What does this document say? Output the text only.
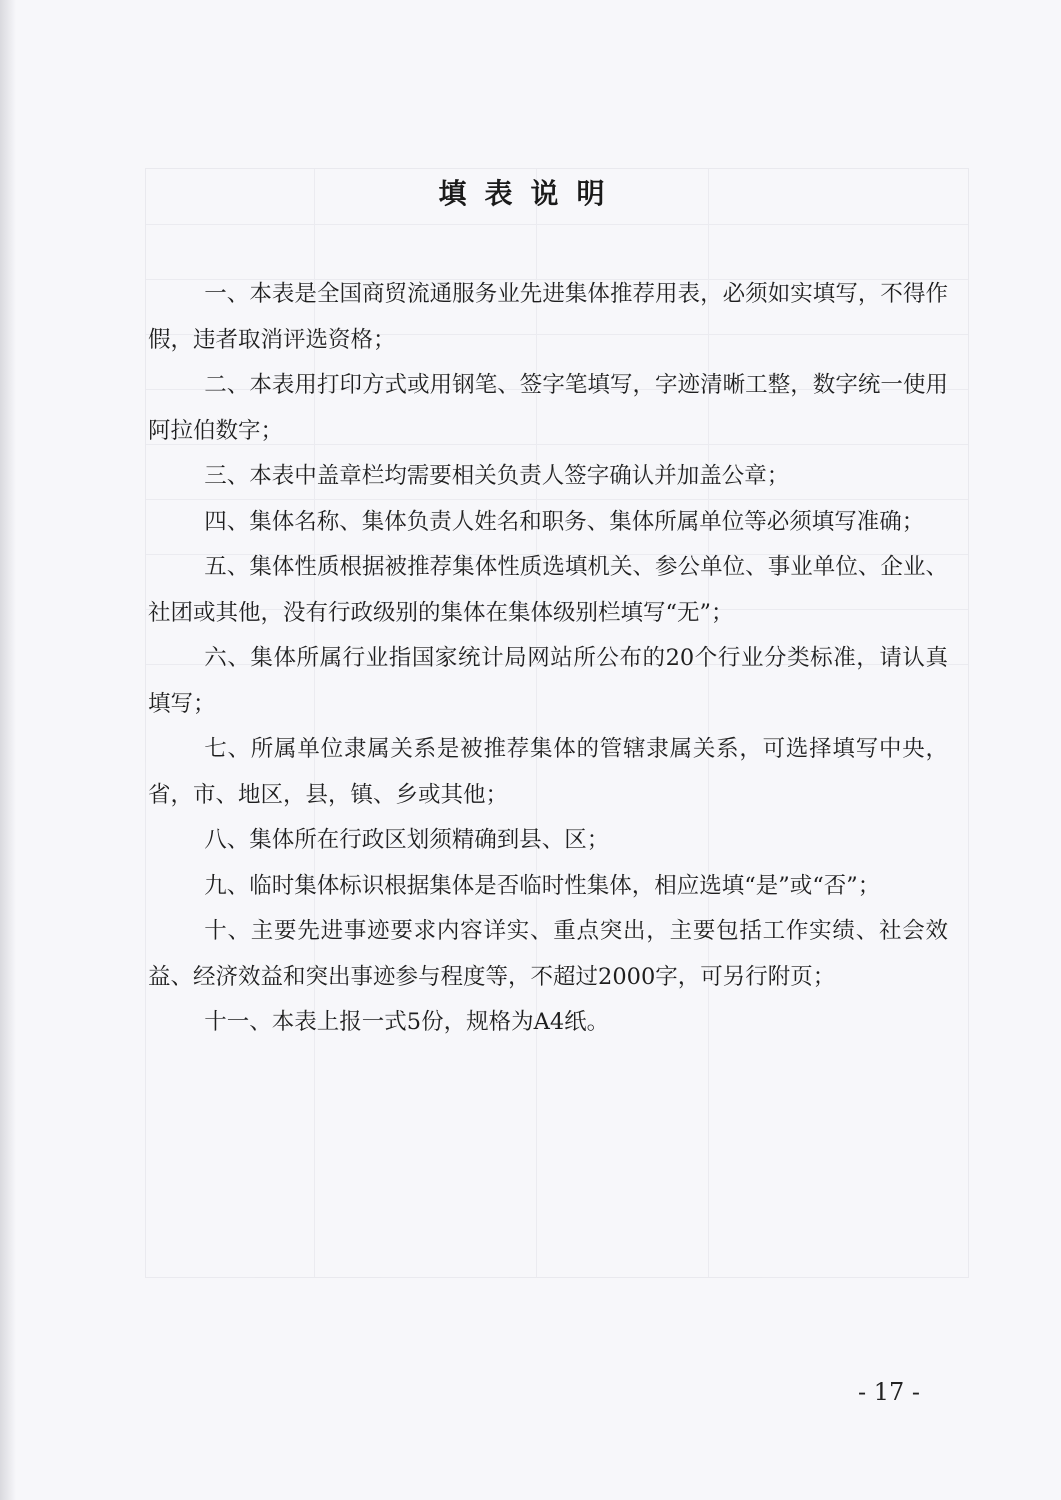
填表说明

一、本表是全国商贸流通服务业先进集体推荐用表，必须如实填写，不得作假，违者取消评选资格；

二、本表用打印方式或用钢笔、签字笔填写，字迹清晰工整，数字统一使用阿拉伯数字；

三、本表中盖章栏均需要相关负责人签字确认并加盖公章；

四、集体名称、集体负责人姓名和职务、集体所属单位等必须填写准确；

五、集体性质根据被推荐集体性质选填机关、参公单位、事业单位、企业、社团或其他，没有行政级别的集体在集体级别栏填写“无”；

六、集体所属行业指国家统计局网站所公布的20个行业分类标准，请认真填写；

七、所属单位隶属关系是被推荐集体的管辖隶属关系，可选择填写中央，省，市、地区，县，镇、乡或其他；

八、集体所在行政区划须精确到县、区；

九、临时集体标识根据集体是否临时性集体，相应选填“是”或“否”；

十、主要先进事迹要求内容详实、重点突出，主要包括工作实绩、社会效益、经济效益和突出事迹参与程度等，不超过2000字，可另行附页；

十一、本表上报一式5份，规格为A4纸。

- 17 -
